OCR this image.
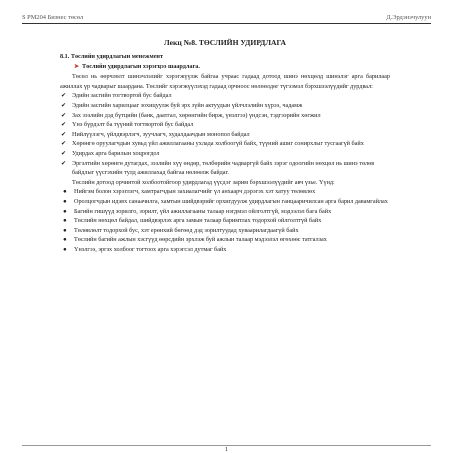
S PM204 Бизнес төсөл	Д.Эрдэнэчулуун
Лекц №8. ТӨСЛИЙН УДИРДЛАГА
8.1. Төслийн удирдлагын менежмент
➤ Төслийн удирдлагын хэрэгцээ шаардлага.

Төсөл нь өөрчлөлт шинэчлэлийг хэрэгжүүлж байгаа учраас гадаад дотоод шинэ нөхцөлд шинэлэг арга барилаар ажиллах үр чадварыг шаардана. Төслийг хэрэгжүүлэхэд гадаад орчноос нөлөөлдөг түгээмэл бэрхшээлүүдийг дурдвал:

✔ Эдийн засгийн тогтвортой бус байдал
✔ Эдийн засгийн харилцааг зохицуулж буй эрх зүйн актуудын үйлчлэлийн хүрээ, чадамж
✔ Зах зээлийн дэд бүтцийн (банк, даатгал, хөрөнгийн бирж, үнэлгээ) үндсэн, тэдгээрийн хөгжил
✔ Үнэ бүрдэлт ба түүний тогтвортой бус байдал
✔ Нийлүүлэгч, үйлдвэрлэгч, зуучлагч, худалдаачдын монопол байдал
✔ Хөрөнгө оруулагчдын хувьд үйл ажиллагааны ухлада холбоогүй байх, түүний ашиг сонирхлыг тусгаагүй байх
✔ Удирдах арга барилын хоцрогдол
✔ Эргэлтийн хөрөнгө дутагдах, зээлийн хүү өндөр, төлбөрийн чадваргүй байх зэрэг одоогийн нөхцөл нь шинэ төлөв байдлыг үүсгэхийн тулд ажиллахад байгаа нөлөөлж байдаг.

Төслийн дотоод орчинтой холбоотойгоор удирдлагад үүсдэг зарим бэрхшээлүүдийг авч үзье. Үүнд:

● Нийгэм болон хэрэглэгч, хамтрагчдын захиалагчийг үл анхаарч дэрэгэх хэт хатуу төлөвлөх
● Оролцогчдын идэвх санаачилга, хамтын шийдвэрийг орхигдуулж удирдлагын ганцааричилсан арга барил давамгайлах
● Багийн гишүүд зорилго, зорилт, үйл ажиллагааны талаар нэгдмэл ойлголтгүй, мэдээлэл бага байх
● Төслийн нөхцөл байдал, шийдвэрлэх арга замын талаар баримтлах тодорхой ойлголтгүй байх
● Төлөвлөлт тодорхой бус, хэт ерөнхий бөгөөд дэд зорилтуудад хуваарилагдаагүй байх
● Төслийн багийн ажлын хэсгүүд өөрсдийн эрхлэж буй ажлын талаар мэдээлэл өгөхөөс татгалзах
● Үнэлгээ, эргэх холбоог тогтоох арга хэрэгсэл дутмаг байх
1
